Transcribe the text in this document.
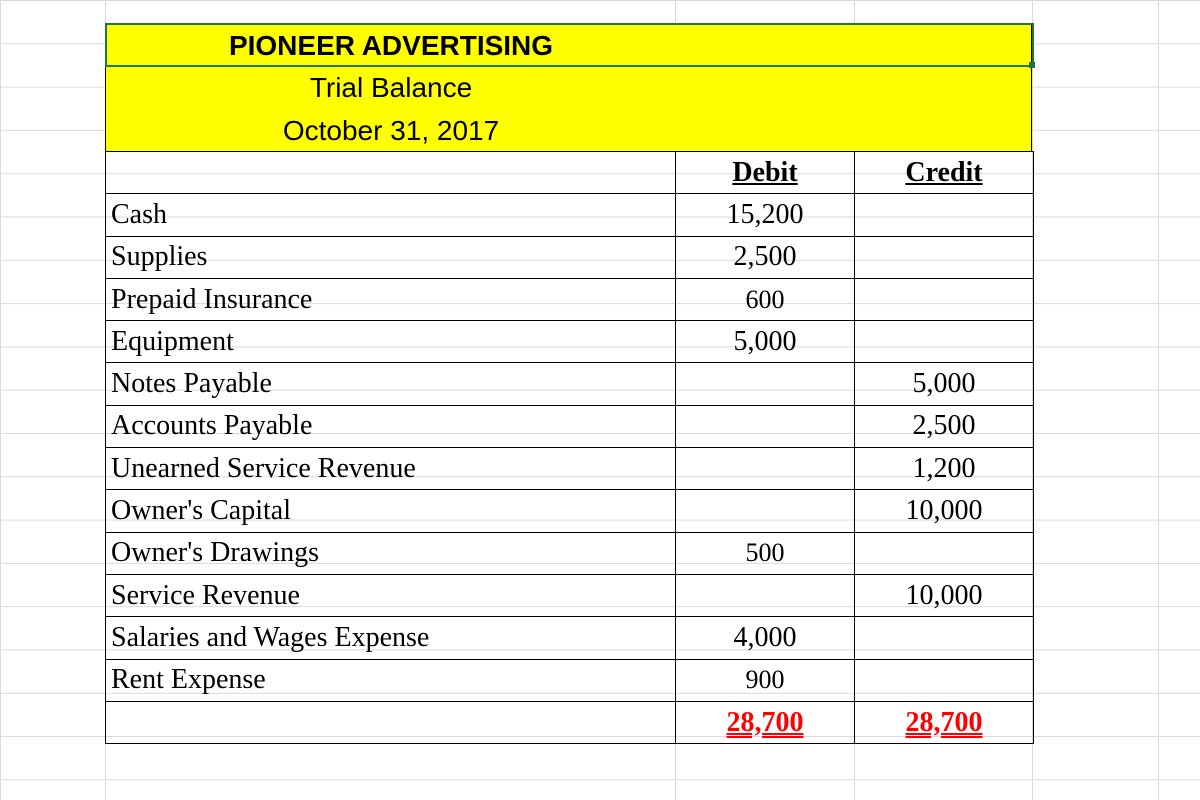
PIONEER ADVERTISING
Trial Balance
October 31, 2017
	Debit	Credit
Cash	15,200	
Supplies	2,500	
Prepaid Insurance	600	
Equipment	5,000	
Notes Payable		5,000
Accounts Payable		2,500
Unearned Service Revenue		1,200
Owner's Capital		10,000
Owner's Drawings	500	
Service Revenue		10,000
Salaries and Wages Expense	4,000	
Rent Expense	900	
	28,700	28,700
